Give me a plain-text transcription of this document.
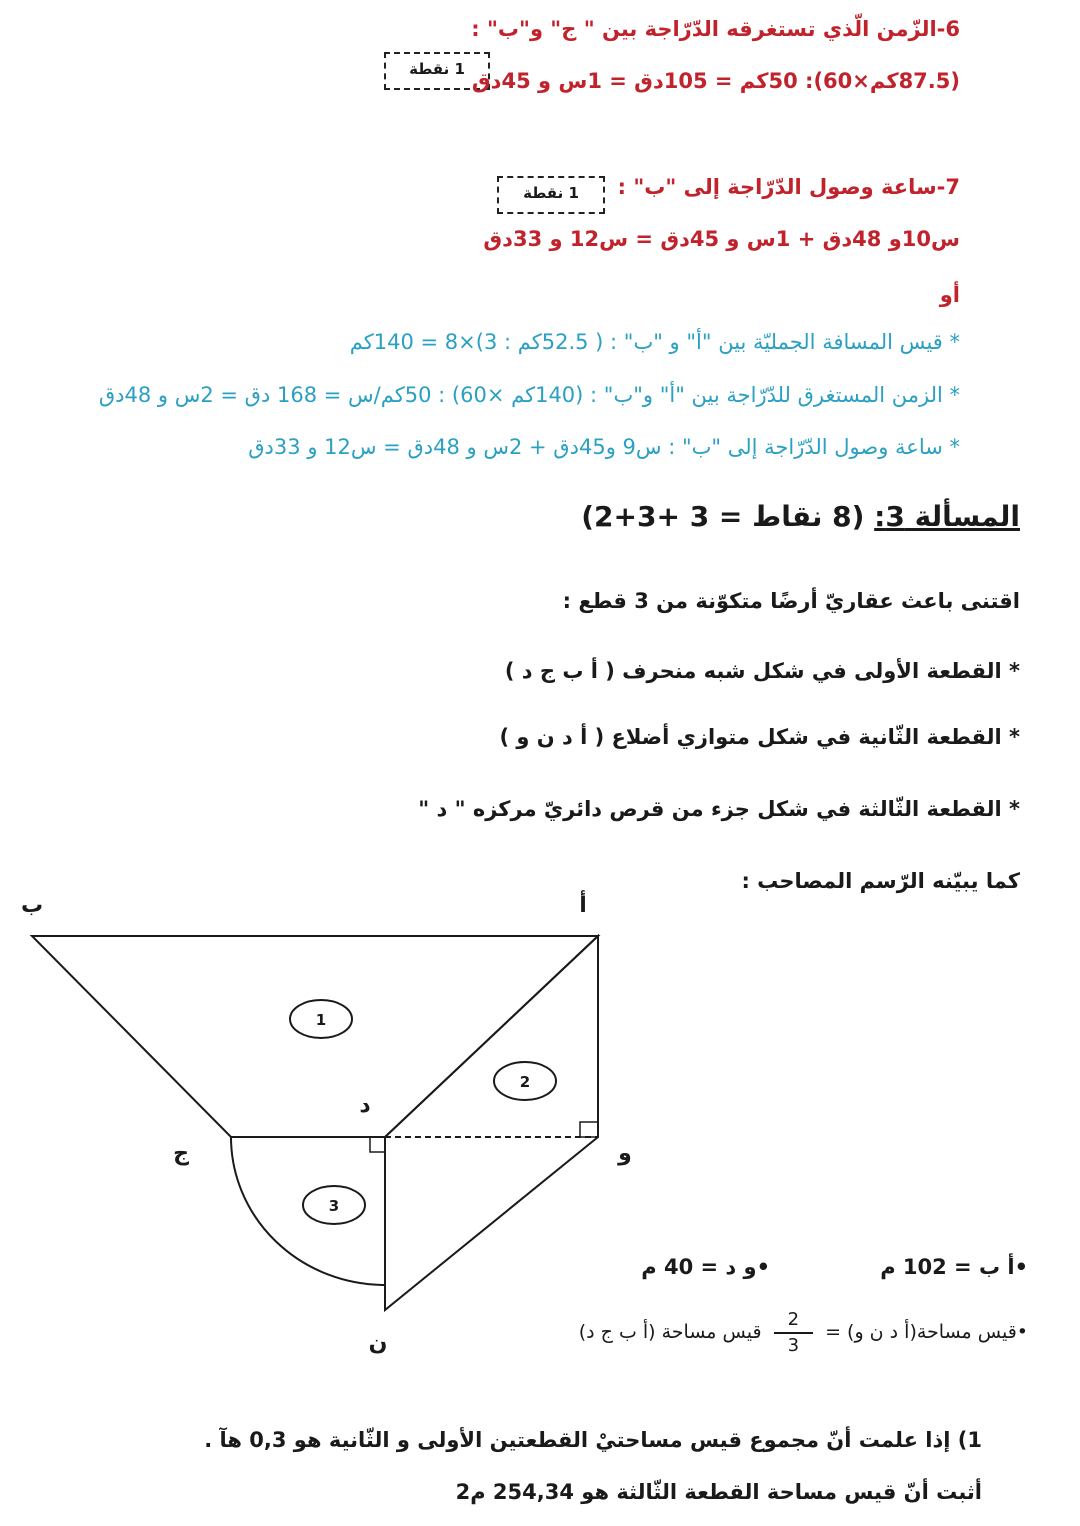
6-الزّمن الّذي تستغرقه الدّرّاجة بين " ج" و"ب" :
1 نقطة (87.5كم×60): 50كم = 105دق = 1س و 45دق
7-ساعة وصول الدّرّاجة إلى "ب" :
1 نقطة
س10و 48دق + 1س و 45دق = س12 و 33دق
أو
* قيس المسافة الجمليّة بين "أ" و "ب" : ( 52.5كم : 3)×8 = 140كم
* الزمن المستغرق للدّرّاجة بين "أ" و"ب" : (140كم ×60) : 50كم/س = 168 دق = 2س و 48دق
* ساعة وصول الدّرّاجة إلى "ب" : س9 و45دق + 2س و 48دق = س12 و 33دق
المسألة 3: (8 نقاط = 3 +3+2)
اقتنى باعث عقاريّ أرضًا متكوّنة من 3 قطع :
* القطعة الأولى في شكل شبه منحرف ( أ ب ج د )
* القطعة الثّانية في شكل متوازي أضلاع ( أ د ن و )
* القطعة الثّالثة في شكل جزء من قرص دائريّ مركزه " د "
كما يبيّنه الرّسم المصاحب :
1
2
3
ب	أ
ج
د
و
ن
•أ ب = 102 م
•و د = 40 م
•قيس مساحة(أ د ن و) =
$\frac{2}{3}$
قيس مساحة (أ ب ج د)
1) إذا علمت أنّ مجموع قيس مساحتيْ القطعتين الأولى و الثّانية هو 0,3 هآ .
أثبت أنّ قيس مساحة القطعة الثّالثة هو 254,34 م2
